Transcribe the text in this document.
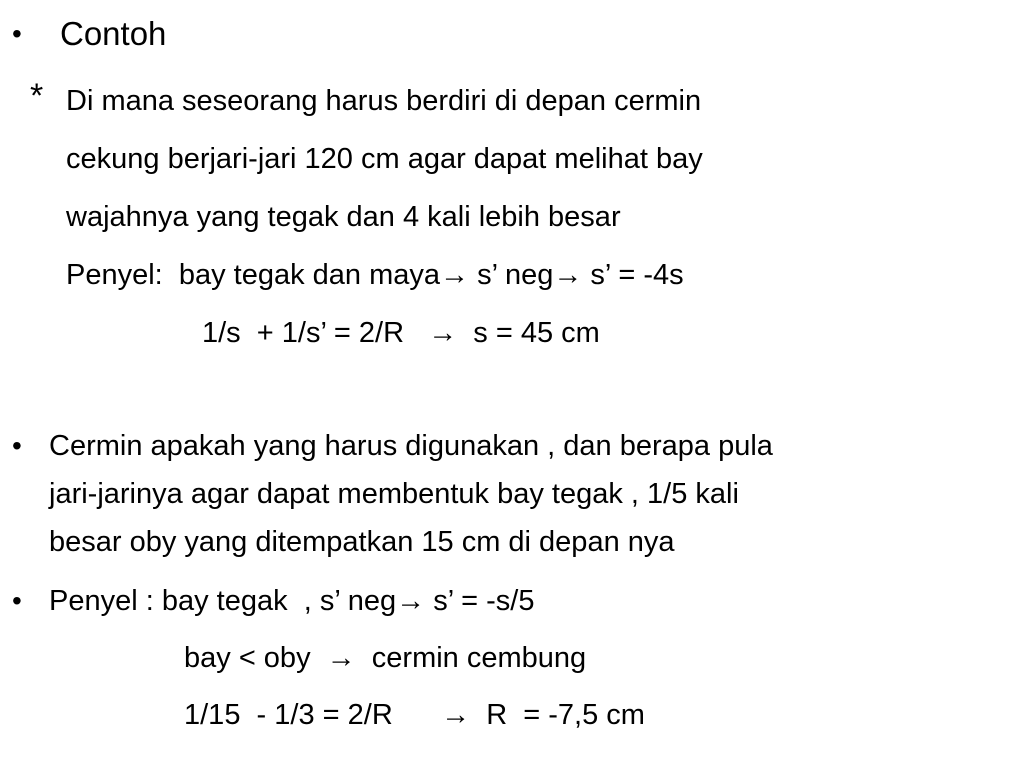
• Contoh
* Di mana seseorang harus berdiri di depan cermin
cekung berjari-jari 120 cm agar dapat melihat bay
wajahnya yang tegak dan 4 kali lebih besar
Penyel:  bay tegak dan maya→ s’ neg→ s’ = -4s
1/s  + 1/s’ = 2/R   →  s = 45 cm
• Cermin apakah yang harus digunakan , dan berapa pula
jari-jarinya agar dapat membentuk bay tegak , 1/5 kali
besar oby yang ditempatkan 15 cm di depan nya
• Penyel : bay tegak  , s’ neg→ s’ = -s/5
bay < oby  →  cermin cembung
1/15  - 1/3 = 2/R      →  R  = -7,5 cm
